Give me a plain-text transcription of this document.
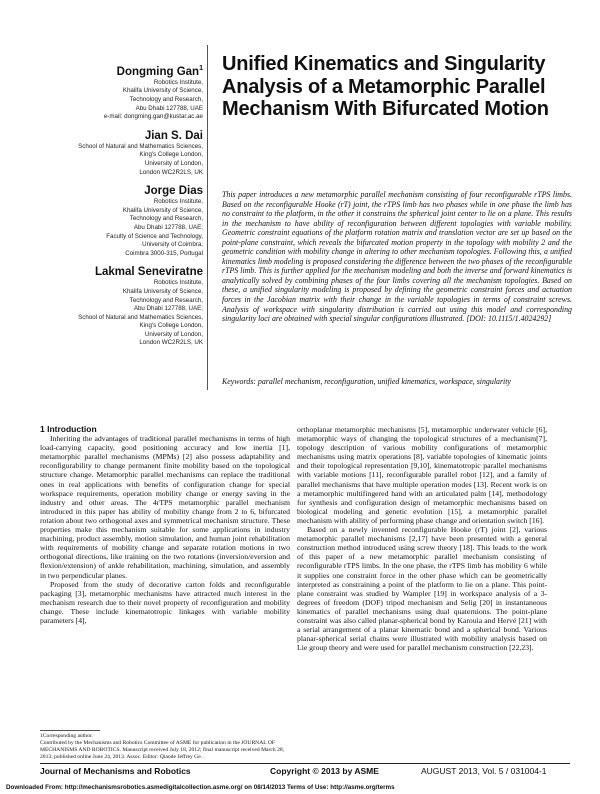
Dongming Gan$^1$

Robotics Institute,

Khalifa University of Science,

Technology and Research,

Abu Dhabi 127788, UAE

e-mail: dongming.gan@kustar.ac.ae

Jian S. Dai

School of Natural and Mathematics Sciences,

King's College London,

University of London,

London WC2R2LS, UK

Jorge Dias

Robotics Institute,

Khalifa University of Science,

Technology and Research,

Abu Dhabi 127788, UAE;

Faculty of Science and Technology,

University of Coimbra,

Coimbra 3000-315, Portugal

Lakmal Seneviratne

Robotics Institute,

Khalifa University of Science,

Technology and Research,

Abu Dhabi 127788, UAE;

School of Natural and Mathematics Sciences,

King's College London,

University of London,

London WC2R2LS, UK

Unified Kinematics and Singularity Analysis of a Metamorphic Parallel Mechanism With Bifurcated Motion

This paper introduces a new metamorphic parallel mechanism consisting of four reconfigurable rTPS limbs. Based on the reconfigurable Hooke (rT) joint, the rTPS limb has two phases while in one phase the limb has no constraint to the platform, in the other it constrains the spherical joint center to lie on a plane. This results in the mechanism to have ability of reconfiguration between different topologies with variable mobility. Geometric constraint equations of the platform rotation matrix and translation vector are set up based on the point-plane constraint, which reveals the bifurcated motion property in the topology with mobility 2 and the geometric condition with mobility change in altering to other mechanism topologies. Following this, a unified kinematics limb modeling is proposed considering the difference between the two phases of the reconfigurable rTPS limb. This is further applied for the mechanism modeling and both the inverse and forward kinematics is analytically solved by combining phases of the four limbs covering all the mechanism topologies. Based on these, a unified singularity modeling is proposed by defining the geometric constraint forces and actuation forces in the Jacobian matrix with their change in the variable topologies in terms of constraint screws. Analysis of workspace with singularity distribution is carried out using this model and corresponding singularity loci are obtained with special singular configurations illustrated. [DOI: 10.1115/1.4024292]

Keywords: parallel mechanism, reconfiguration, unified kinematics, workspace, singularity

1 Introduction

Inheriting the advantages of traditional parallel mechanisms in terms of high load-carrying capacity, good positioning accuracy and low inertia [1], metamorphic parallel mechanisms (MPMs) [2] also possess adaptability and reconfigurability to change permanent finite mobility based on the topological structure change. Metamorphic parallel mechanisms can replace the traditional ones in real applications with benefits of configuration change for special workspace requirements, operation mobility change or energy saving in the industry and other areas. The 4rTPS metamorphic parallel mechanism introduced in this paper has ability of mobility change from 2 to 6, bifurcated rotation about two orthogonal axes and symmetrical mechanism structure. These properties make this mechanism suitable for some applications in industry machining, product assembly, motion simulation, and human joint rehabilitation with requirements of mobility change and separate rotation motions in two orthogonal directions, like training on the two rotations (inversion/eversion and flexion/extension) of ankle rehabilitation, machining, simulation, and assembly in two perpendicular planes.

Proposed from the study of decorative carton folds and reconfigurable packaging [3], metamorphic mechanisms have attracted much interest in the mechanism research due to their novel property of reconfiguration and mobility change. These include kinematotropic linkages with variable mobility parameters [4],

orthoplanar metamorphic mechanisms [5], metamorphic underwater vehicle [6], metamorphic ways of changing the topological structures of a mechanism[7], topology description of various mobility configurations of metamorphic mechanisms using matrix operations [8], variable topologies of kinematic joints and their topological representation [9,10], kinematotropic parallel mechanisms with variable motions [11], reconfigurable parallel robot [12], and a family of parallel mechanisms that have multiple operation modes [13]. Recent work is on a metamorphic multifingered hand with an articulated palm [14], methodology for synthesis and configuration design of metamorphic mechanisms based on biological modeling and genetic evolution [15], a metamorphic parallel mechanism with ability of performing phase change and orientation switch [16].

Based on a newly invented reconfigurable Hooke (rT) joint [2], various metamorphic parallel mechanisms [2,17] have been presented with a general construction method introduced using screw theory [18]. This leads to the work of this paper of a new metamorphic parallel mechanism consisting of reconfigurable rTPS limbs. In the one phase, the rTPS limb has mobility 6 while it supplies one constraint force in the other phase which can be geometrically interpreted as constraining a point of the platform to lie on a plane. This point-plane constraint was studied by Wampler [19] in workspace analysis of a 3-degrees of freedom (DOF) tripod mechanism and Selig [20] in instantaneous kinematics of parallel mechanisms using dual quaternions. The point-plane constraint was also called planar-spherical bond by Karouia and Hervé [21] with a serial arrangement of a planar kinematic bond and a spherical bond. Various planar-spherical serial chains were illustrated with mobility analysis based on Lie group theory and were used for parallel mechanism construction [22,23].

1Corresponding author.

Contributed by the Mechanisms and Robotics Committee of ASME for publication in the JOURNAL OF MECHANISMS AND ROBOTICS. Manuscript received July 18, 2012; final manuscript received March 28, 2013; published online June 24, 2013. Assoc. Editor: Qiaode Jeffrey Ge.

Journal of Mechanisms and Robotics	Copyright © 2013 by ASME	AUGUST 2013, Vol. 5 / 031004-1
Downloaded From: http://mechanismsrobotics.asmedigitalcollection.asme.org/ on 08/14/2013 Terms of Use: http://asme.org/terms
